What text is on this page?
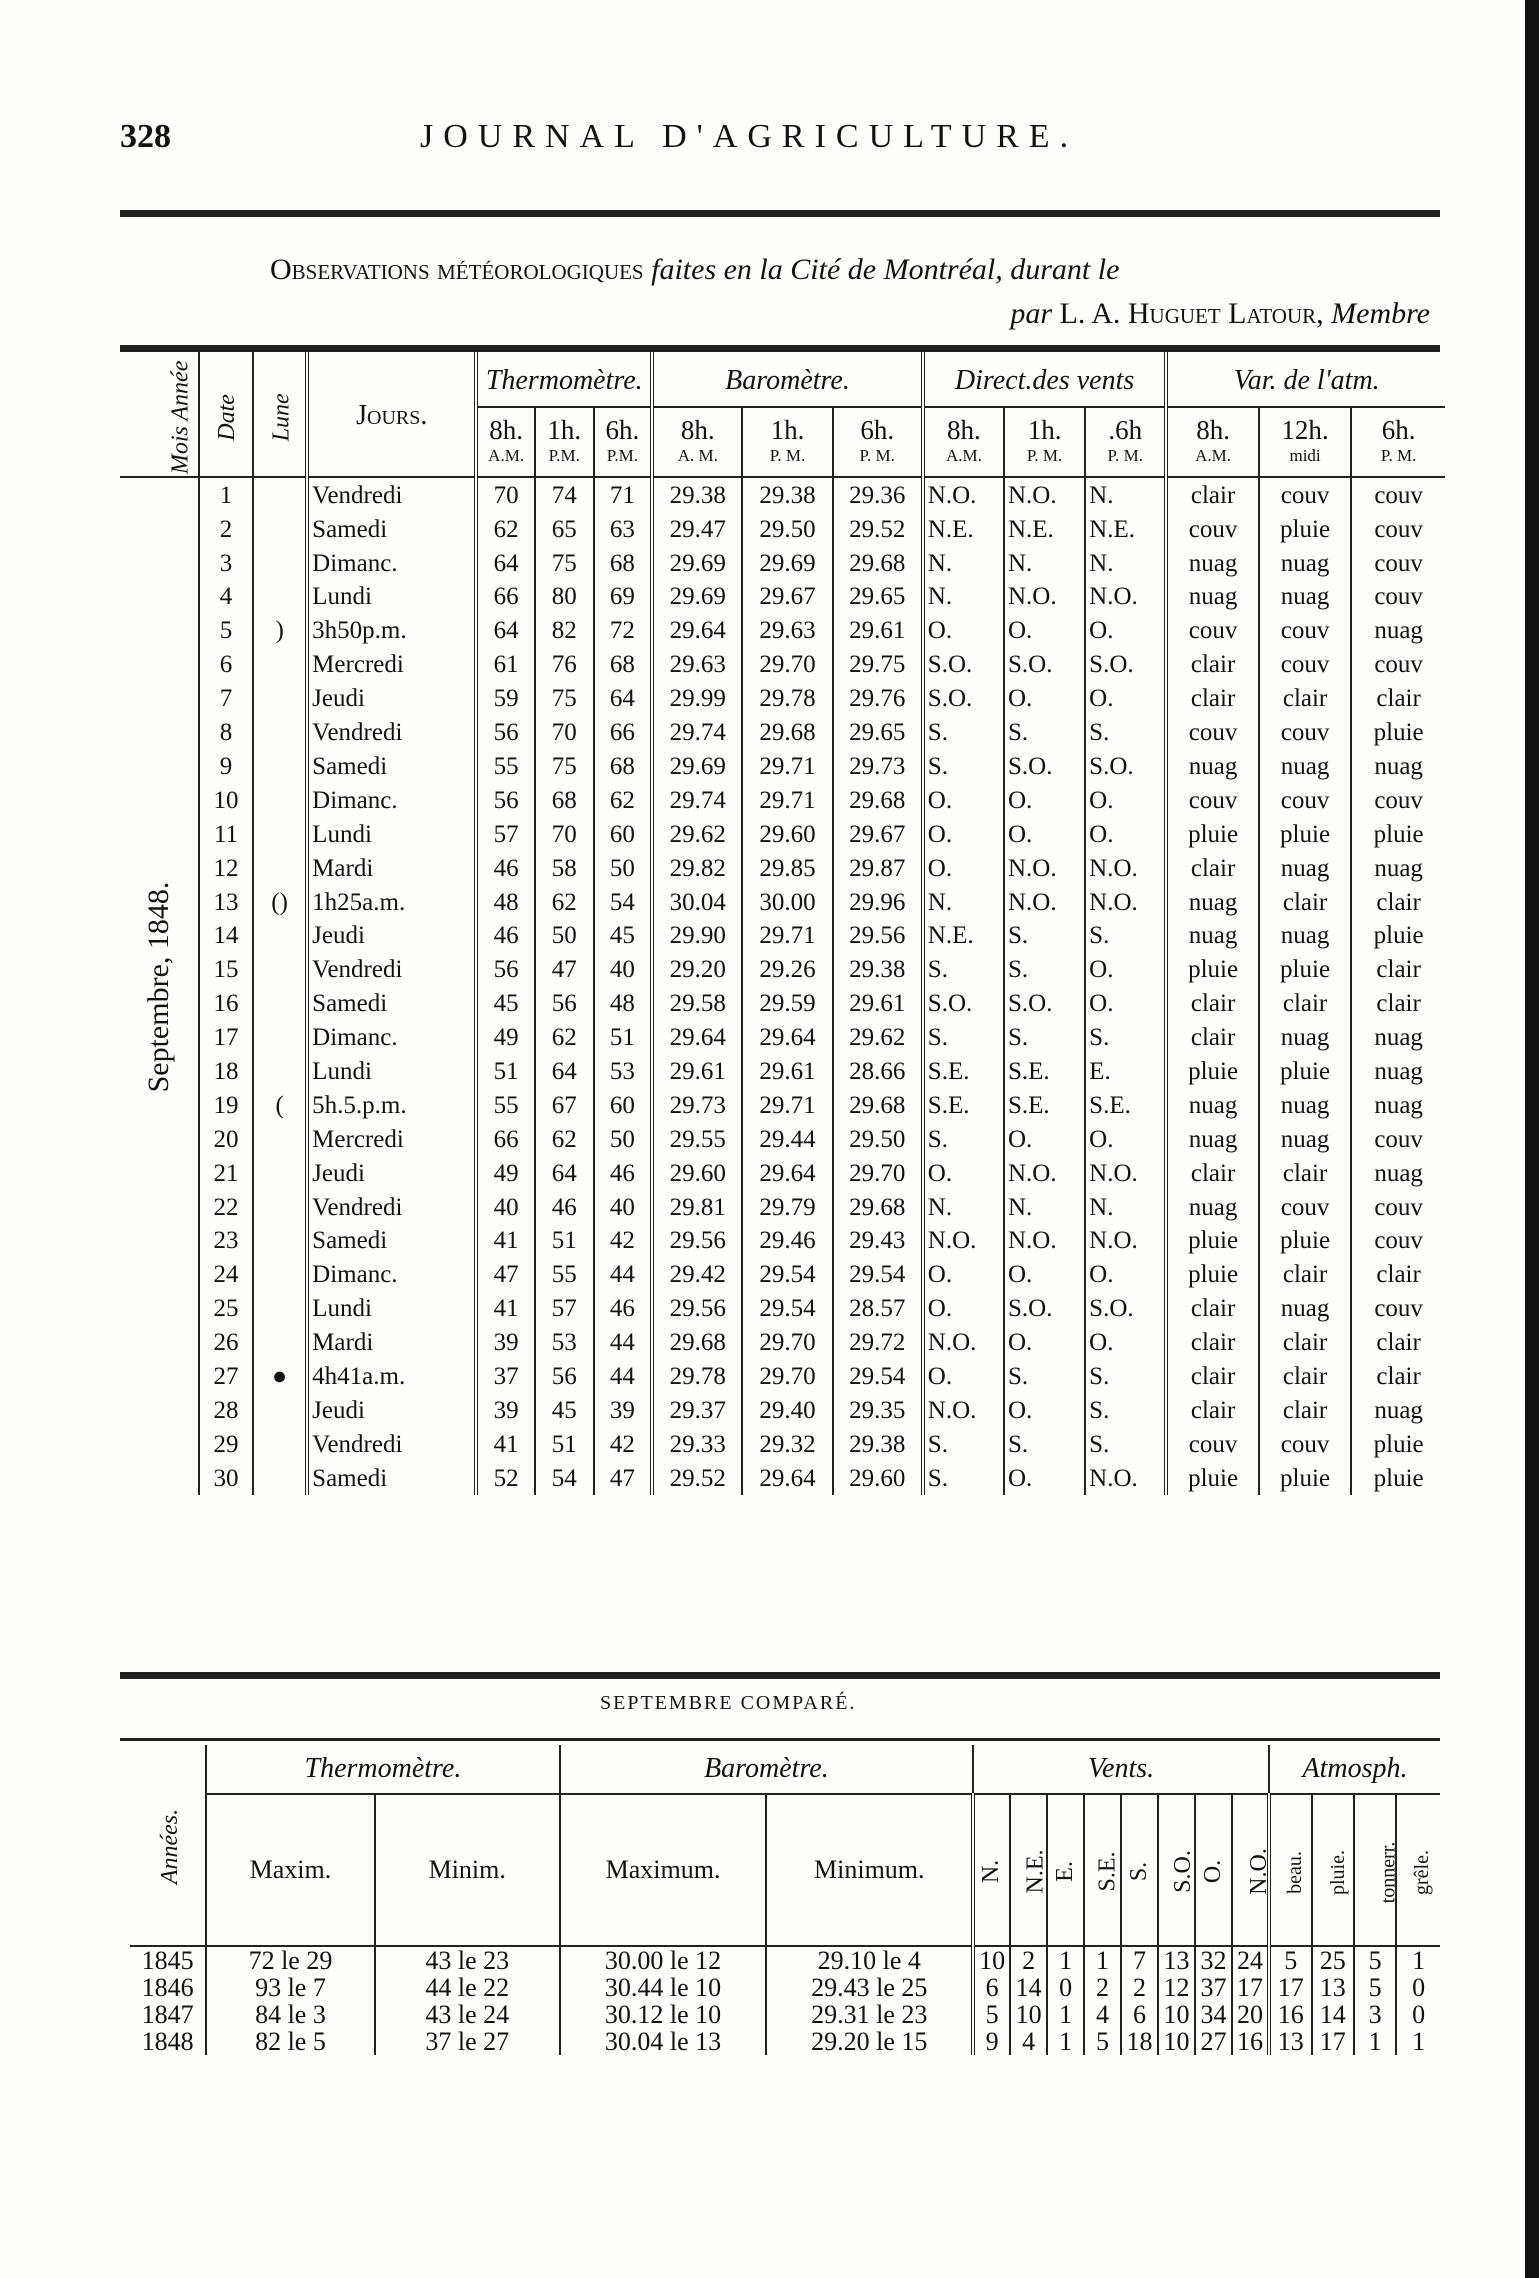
328	JOURNAL D'AGRICULTURE.
Observations météorologiques faites en la Cité de Montréal, durant le
par L. A. Huguet Latour, Membre
Mois Année	Date	Lune	Jours.	Thermomètre.			Baromètre.			Direct.des vents			Var. de l'atm.		
				8h.	1h.	6h.	8h.	1h.	6h.	8h.	1h.	.6h	8h.	12h.	6h.
				A.M.	P.M.	P.M.	A. M.	P. M.	P. M.	A.M.	P. M.	P. M.	A.M.	midi	P. M.

Septembre, 1848.	1		Vendredi	70	74	71	29.38	29.38	29.36	N.O.	N.O.	N.	clair	couv	couv
	2		Samedi	62	65	63	29.47	29.50	29.52	N.E.	N.E.	N.E.	couv	pluie	couv
	3		Dimanc.	64	75	68	29.69	29.69	29.68	N.	N.	N.	nuag	nuag	couv
	4		Lundi	66	80	69	29.69	29.67	29.65	N.	N.O.	N.O.	nuag	nuag	couv
	5	)	3h50p.m.	64	82	72	29.64	29.63	29.61	O.	O.	O.	couv	couv	nuag
	6		Mercredi	61	76	68	29.63	29.70	29.75	S.O.	S.O.	S.O.	clair	couv	couv
	7		Jeudi	59	75	64	29.99	29.78	29.76	S.O.	O.	O.	clair	clair	clair
	8		Vendredi	56	70	66	29.74	29.68	29.65	S.	S.	S.	couv	couv	pluie
	9		Samedi	55	75	68	29.69	29.71	29.73	S.	S.O.	S.O.	nuag	nuag	nuag
	10		Dimanc.	56	68	62	29.74	29.71	29.68	O.	O.	O.	couv	couv	couv
	11		Lundi	57	70	60	29.62	29.60	29.67	O.	O.	O.	pluie	pluie	pluie
	12		Mardi	46	58	50	29.82	29.85	29.87	O.	N.O.	N.O.	clair	nuag	nuag
	13	()	1h25a.m.	48	62	54	30.04	30.00	29.96	N.	N.O.	N.O.	nuag	clair	clair
	14		Jeudi	46	50	45	29.90	29.71	29.56	N.E.	S.	S.	nuag	nuag	pluie
	15		Vendredi	56	47	40	29.20	29.26	29.38	S.	S.	O.	pluie	pluie	clair
	16		Samedi	45	56	48	29.58	29.59	29.61	S.O.	S.O.	O.	clair	clair	clair
	17		Dimanc.	49	62	51	29.64	29.64	29.62	S.	S.	S.	clair	nuag	nuag
	18		Lundi	51	64	53	29.61	29.61	28.66	S.E.	S.E.	E.	pluie	pluie	nuag
	19	(	5h.5.p.m.	55	67	60	29.73	29.71	29.68	S.E.	S.E.	S.E.	nuag	nuag	nuag
	20		Mercredi	66	62	50	29.55	29.44	29.50	S.	O.	O.	nuag	nuag	couv
	21		Jeudi	49	64	46	29.60	29.64	29.70	O.	N.O.	N.O.	clair	clair	nuag
	22		Vendredi	40	46	40	29.81	29.79	29.68	N.	N.	N.	nuag	couv	couv
	23		Samedi	41	51	42	29.56	29.46	29.43	N.O.	N.O.	N.O.	pluie	pluie	couv
	24		Dimanc.	47	55	44	29.42	29.54	29.54	O.	O.	O.	pluie	clair	clair
	25		Lundi	41	57	46	29.56	29.54	28.57	O.	S.O.	S.O.	clair	nuag	couv
	26		Mardi	39	53	44	29.68	29.70	29.72	N.O.	O.	O.	clair	clair	clair
	27	●	4h41a.m.	37	56	44	29.78	29.70	29.54	O.	S.	S.	clair	clair	clair
	28		Jeudi	39	45	39	29.37	29.40	29.35	N.O.	O.	S.	clair	clair	nuag
	29		Vendredi	41	51	42	29.33	29.32	29.38	S.	S.	S.	couv	couv	pluie
	30		Samedi	52	54	47	29.52	29.64	29.60	S.	O.	N.O.	pluie	pluie	pluie
SEPTEMBRE COMPARÉ.
Années.	Thermomètre.		Baromètre.		Vents.								Atmosph.			
	Maxim.	Minim.	Maximum.	Minimum.	N.	N.E.	E.	S.E.	S.	S.O.	O.	N.O.	beau.	pluie.	tonnerr.	grêle.
1845	72 le 29	43 le 23	30.00 le 12	29.10 le 4	10	2	1	1	7	13	32	24	5	25	5	1
1846	93 le 7	44 le 22	30.44 le 10	29.43 le 25	6	14	0	2	2	12	37	17	17	13	5	0
1847	84 le 3	43 le 24	30.12 le 10	29.31 le 23	5	10	1	4	6	10	34	20	16	14	3	0
1848	82 le 5	37 le 27	30.04 le 13	29.20 le 15	9	4	1	5	18	10	27	16	13	17	1	1
